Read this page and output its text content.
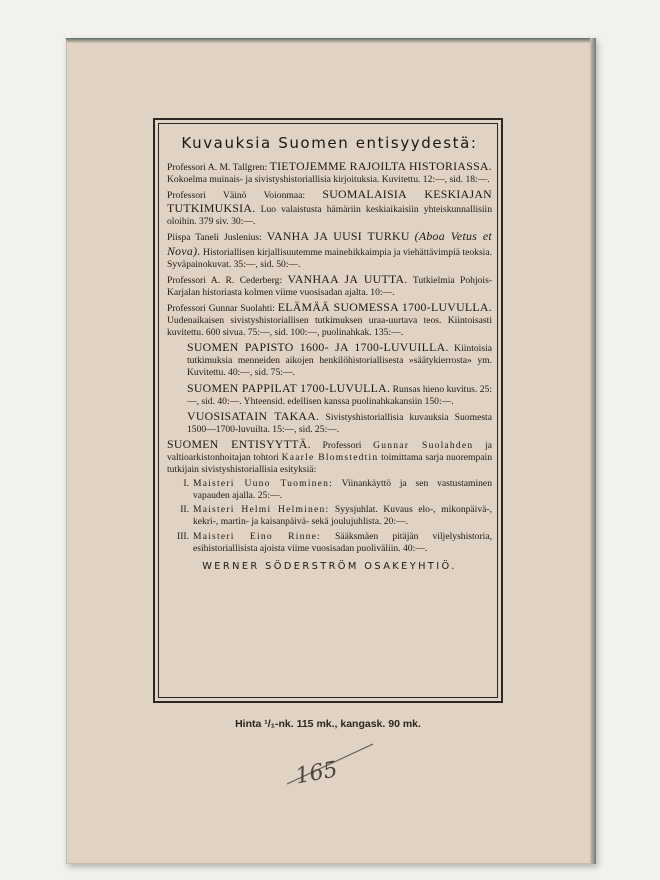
Kuvauksia Suomen entisyydestä:

Professori A. M. Tallgren: TIETOJEMME RAJOILTA HISTORIASSA. Kokoelma muinais- ja sivistyshistoriallisia kirjoituksia. Kuvitettu. 12:—, sid. 18:—.

Professori Väinö Voionmaa: SUOMALAISIA KESKIAJAN TUTKIMUKSIA. Luo valaistusta hämäriin keskiaikaisiin yhteiskunnallisiin oloihin. 379 siv. 30:—.

Piispa Taneli Juslenius: VANHA JA UUSI TURKU (Aboa Vetus et Nova). Historiallisen kirjallisuutemme mainehikkaimpia ja viehättävimpiä teoksia. Syväpainokuvat. 35:—, sid. 50:—.

Professori A. R. Cederberg: VANHAA JA UUTTA. Tutkielmia Pohjois-Karjalan historiasta kolmen viime vuosisadan ajalta. 10:—.

Professori Gunnar Suolahti: ELÄMÄÄ SUOMESSA 1700-LUVULLA. Uudenaikaisen sivistyshistoriallisen tutkimuksen uraa-uurtava teos. Kiintoisasti kuvitettu. 600 sivua. 75:—, sid. 100:—, puolinahkak. 135:—.

SUOMEN PAPISTO 1600- JA 1700-LUVUILLA. Kiintoisia tutkimuksia menneiden aikojen henkilöhistoriallisesta »säätykierrosta» ym. Kuvitettu. 40:—, sid. 75:—.

SUOMEN PAPPILAT 1700-LUVULLA. Runsas hieno kuvitus. 25:—, sid. 40:—. Yhteensid. edellisen kanssa puolinahkakansiin 150:—.

VUOSISATAIN TAKAA. Sivistyshistoriallisia kuvauksia Suomesta 1500—1700-luvuilta. 15:—, sid. 25:—.

SUOMEN ENTISYYTTÄ. Professori Gunnar Suolahden ja valtioarkistonhoitajan tohtori Kaarle Blomstedtin toimittama sarja nuorempain tutkijain sivistyshistoriallisia esityksiä:

I. Maisteri Uuno Tuominen: Viinankäyttö ja sen vastustaminen vapauden ajalla. 25:—.
II. Maisteri Helmi Helminen: Syysjuhlat. Kuvaus elo-, mikonpäivä-, kekri-, martin- ja kaisanpäivä- sekä joulujuhlista. 20:—.
III. Maisteri Eino Rinne: Sääksmäen pitäjän viljelyshistoria, esihistoriallisista ajoista viime vuosisadan puoliväliin. 40:—.
WERNER SÖDERSTRÖM OSAKEYHTIÖ.
Hinta ¹/₁-nk. 115 mk., kangask. 90 mk.
165
